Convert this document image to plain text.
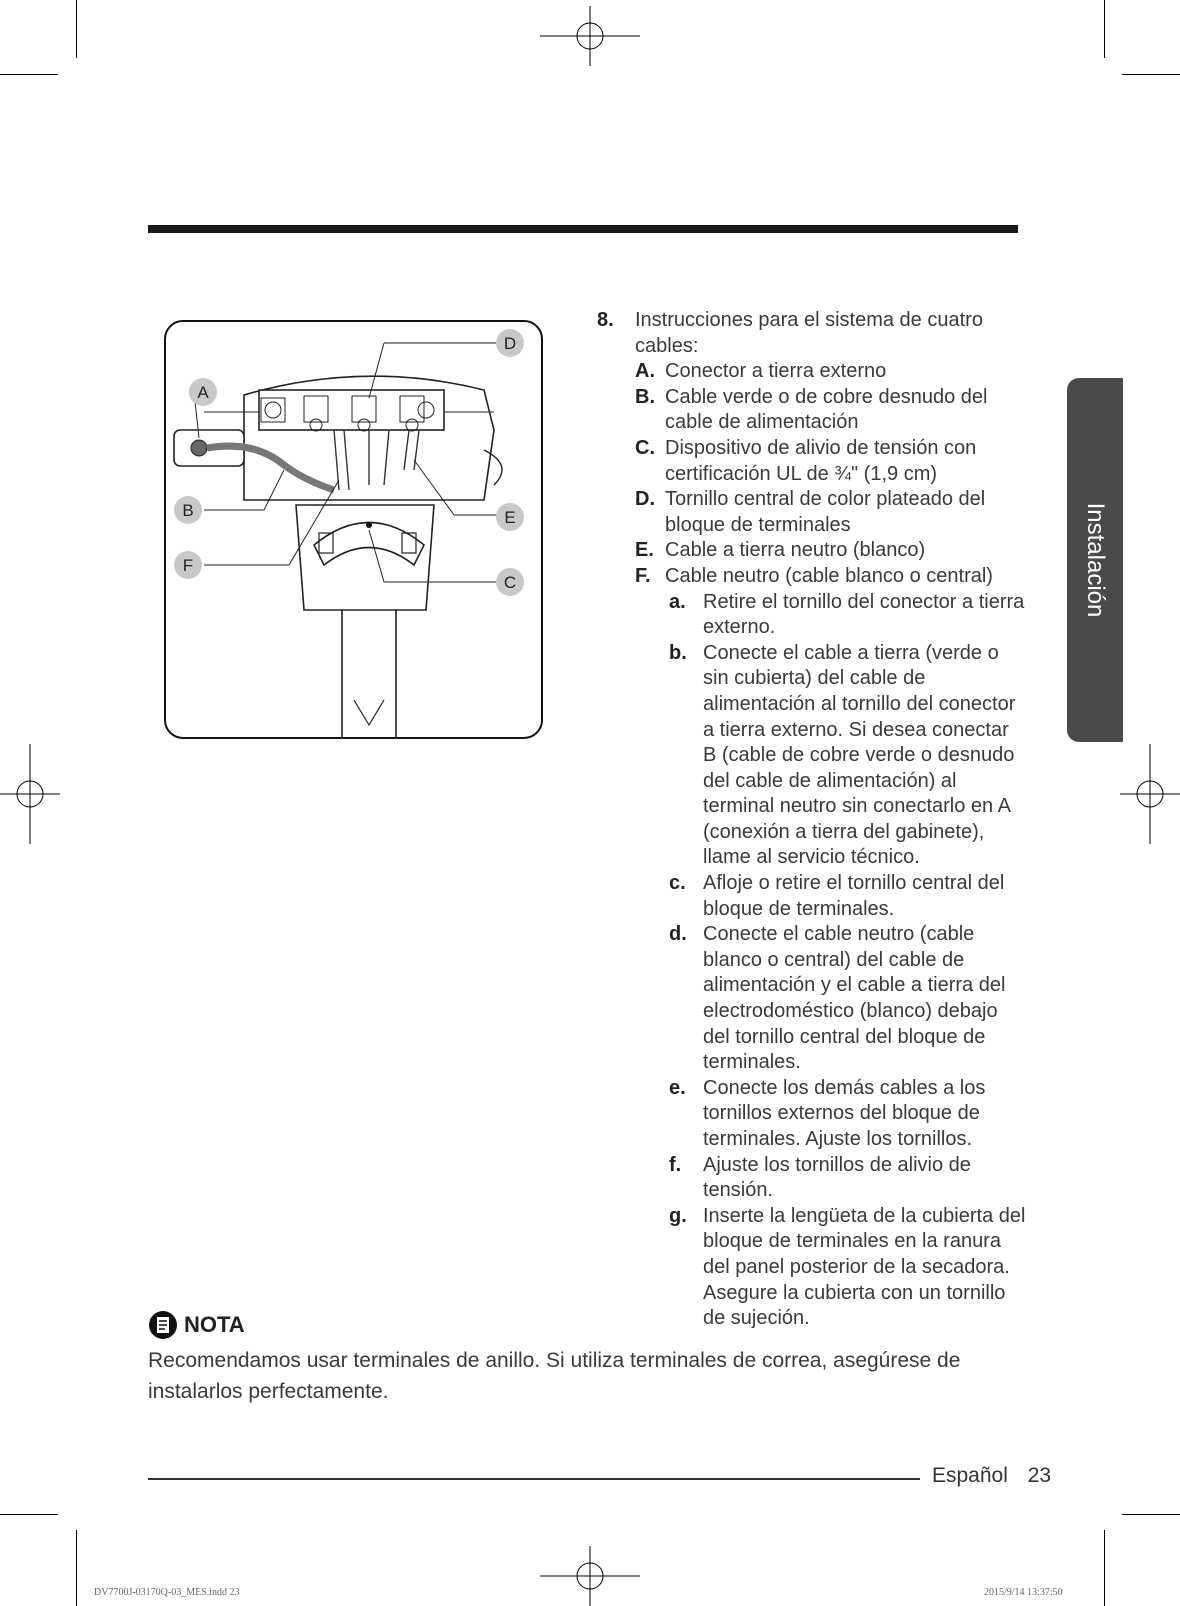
D
A
B	E
F
C
8.	Instrucciones para el sistema de cuatro cables:
A. Conector a tierra externo
B. Cable verde o de cobre desnudo del cable de alimentación
C. Dispositivo de alivio de tensión con certificación UL de ¾" (1,9 cm)
D. Tornillo central de color plateado del bloque de terminales
E. Cable a tierra neutro (blanco)
F. Cable neutro (cable blanco o central)
a. Retire el tornillo del conector a tierra externo.
b. Conecte el cable a tierra (verde o sin cubierta) del cable de alimentación al tornillo del conector a tierra externo. Si desea conectar B (cable de cobre verde o desnudo del cable de alimentación) al terminal neutro sin conectarlo en A (conexión a tierra del gabinete), llame al servicio técnico.
c. Afloje o retire el tornillo central del bloque de terminales.
d. Conecte el cable neutro (cable blanco o central) del cable de alimentación y el cable a tierra del electrodoméstico (blanco) debajo del tornillo central del bloque de terminales.
e. Conecte los demás cables a los tornillos externos del bloque de terminales. Ajuste los tornillos.
f.	Ajuste los tornillos de alivio de tensión.
g. Inserte la lengüeta de la cubierta del bloque de terminales en la ranura del panel posterior de la secadora. Asegure la cubierta con un tornillo de sujeción.
Instalación
NOTA
Recomendamos usar terminales de anillo. Si utiliza terminales de correa, asegúrese de instalarlos perfectamente.
Español 23
DV7700J-03170Q-03_MES.indd 23	2015/9/14 13:37:50
